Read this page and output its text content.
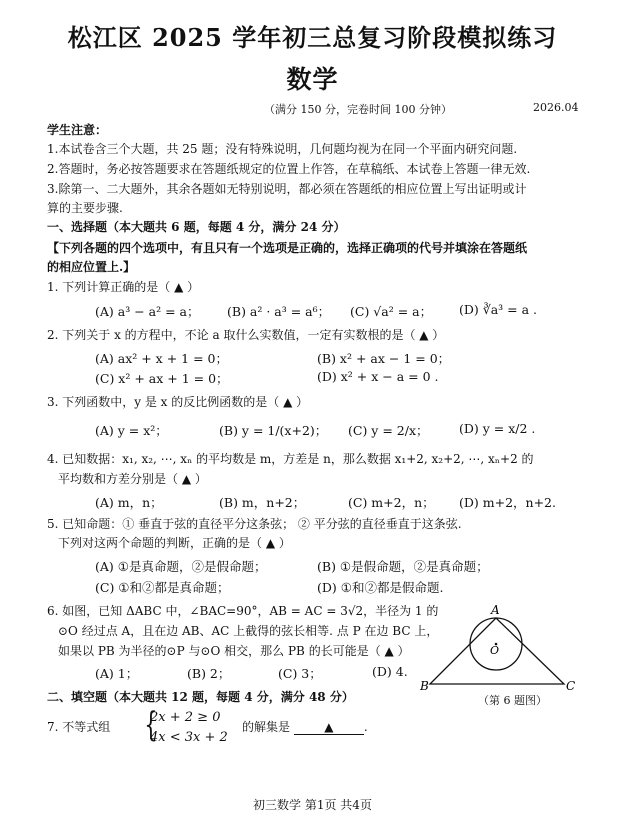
松江区 2025 学年初三总复习阶段模拟练习
数学
（满分 150 分，完卷时间 100 分钟）	2026.04
学生注意：
1.本试卷含三个大题，共 25 题；没有特殊说明，几何题均视为在同一个平面内研究问题.
2.答题时，务必按答题要求在答题纸规定的位置上作答，在草稿纸、本试卷上答题一律无效.
3.除第一、二大题外，其余各题如无特别说明，都必须在答题纸的相应位置上写出证明或计
算的主要步骤.
一、选择题（本大题共 6 题，每题 4 分，满分 24 分）
【下列各题的四个选项中，有且只有一个选项是正确的，选择正确项的代号并填涂在答题纸
的相应位置上.】
1. 下列计算正确的是（ ▲ ）
(A) a³ − a² = a； (B) a² · a³ = a⁶； (C) √a² = a； (D) ∛a³ = a .
2. 下列关于 x 的方程中，不论 a 取什么实数值，一定有实数根的是（ ▲ ）
(A) ax² + x + 1 = 0；	(B) x² + ax − 1 = 0；
(C) x² + ax + 1 = 0；	(D) x² + x − a = 0 .
3. 下列函数中，y 是 x 的反比例函数的是（ ▲ ）
(A) y = x²；	(B) y = 1/(x+2)； (C) y = 2/x； (D) y = x/2 .
4. 已知数据：x₁, x₂, ⋯, xₙ 的平均数是 m，方差是 n，那么数据 x₁+2, x₂+2, ⋯, xₙ+2 的
平均数和方差分别是（ ▲ ）
(A) m，n；	(B) m，n+2；	(C) m+2，n； (D) m+2，n+2.
5. 已知命题：① 垂直于弦的直径平分这条弦； ② 平分弦的直径垂直于这条弦.
下列对这两个命题的判断，正确的是（ ▲ ）
(A) ①是真命题，②是假命题；	(B) ①是假命题，②是真命题；
(C) ①和②都是真命题；	(D) ①和②都是假命题.
6. 如图，已知 ΔABC 中，∠BAC=90°，AB = AC = 3√2，半径为 1 的
⊙O 经过点 A，且在边 AB、AC 上截得的弦长相等. 点 P 在边 BC 上，
如果以 PB 为半径的⊙P 与⊙O 相交，那么 PB 的长可能是（ ▲ ）
(A) 1；	(B) 2；	(C) 3；	(D) 4.
A
B	C
O
（第 6 题图）
二、填空题（本大题共 12 题，每题 4 分，满分 48 分）
7. 不等式组 {
2x + 2 ≥ 0
4x < 3x + 2
的解集是	▲	.
初三数学 第1页 共4页
